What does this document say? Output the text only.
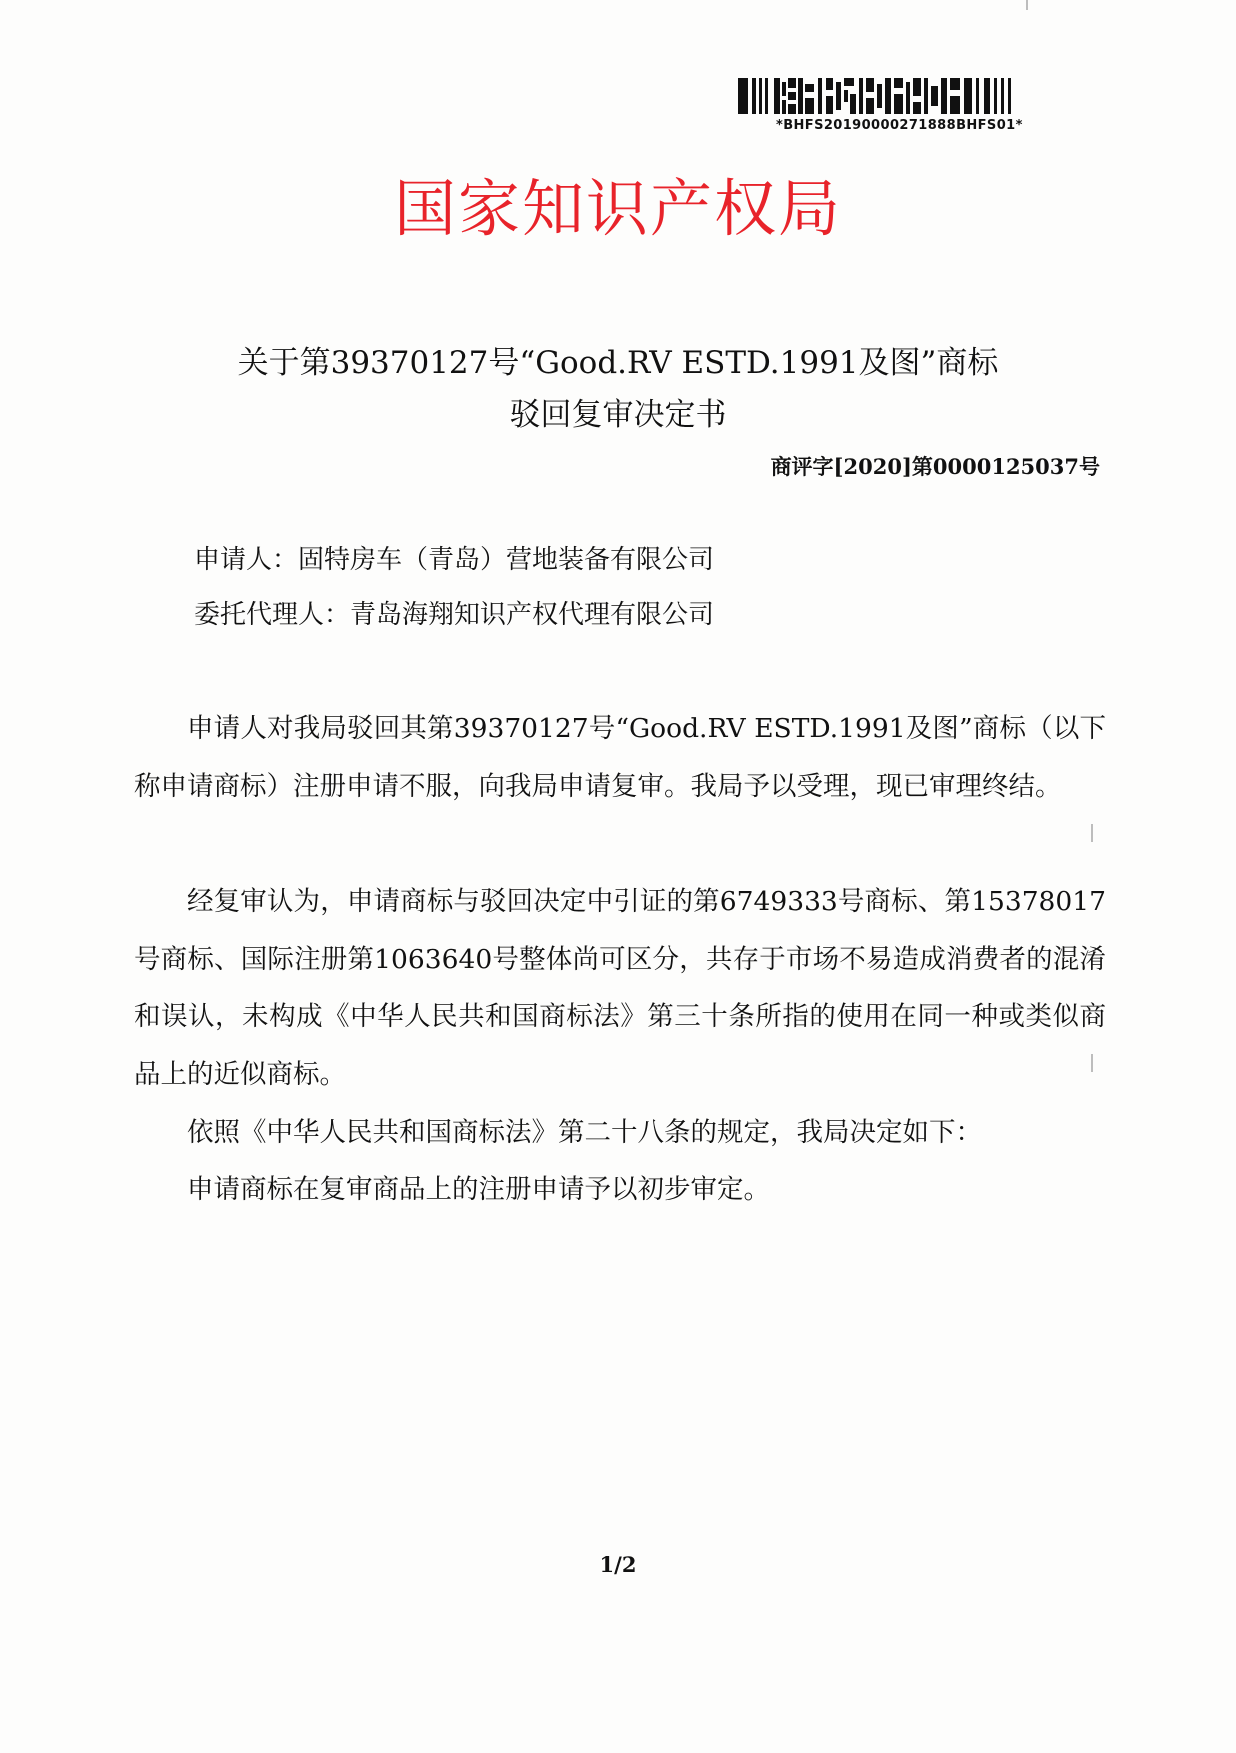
*BHFS20190000271888BHFS01*
国家知识产权局
关于第39370127号“Good.RV ESTD.1991及图”商标
驳回复审决定书
商评字[2020]第0000125037号
申请人：固特房车（青岛）营地装备有限公司
委托代理人：青岛海翔知识产权代理有限公司

申请人对我局驳回其第39370127号“Good.RV ESTD.1991及图”商标（以下称申请商标）注册申请不服，向我局申请复审。我局予以受理，现已审理终结。

经复审认为，申请商标与驳回决定中引证的第6749333号商标、第15378017号商标、国际注册第1063640号整体尚可区分，共存于市场不易造成消费者的混淆和误认，未构成《中华人民共和国商标法》第三十条所指的使用在同一种或类似商品上的近似商标。

依照《中华人民共和国商标法》第二十八条的规定，我局决定如下：

申请商标在复审商品上的注册申请予以初步审定。

1/2
